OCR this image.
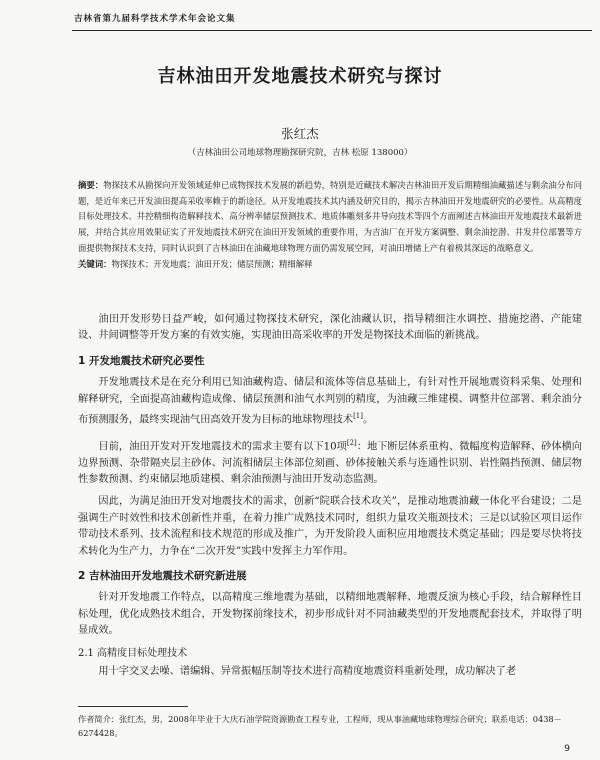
吉林省第九届科学技术学术年会论文集
吉林油田开发地震技术研究与探讨
张红杰
（吉林油田公司地球物理勘探研究院，吉林 松原 138000）
摘要：物探技术从勘探向开发领域延伸已成物探技术发展的新趋势，特别是近藏技术解决吉林油田开发后期精细油藏描述与剩余油分布问题，是近年来已开发油田提高采收率赖于的新途径。从开发地震技术其内涵及研究目的，揭示吉林油田开发地震研究的必要性。从高精度目标处理技术、井控精细构造解释技术、高分辨率储层预测技术、地质体雕刻多井导向技术等四个方面阐述吉林油田开发地震技术最新进展，并结合其应用效果证实了开发地震技术研究在油田开发领域的重要作用，为吉油厂在开发方案调整、剩余油挖潜、井发井位部署等方面提供物探技术支持，同时认识到了吉林油田在油藏地球物理方面仍需发展空间，对油田增储上产有着极其深远的战略意义。
关键词：物探技术；开发地震；油田开发；储层预测；精细解释

油田开发形势日益严峻，如何通过物探技术研究，深化油藏认识，指导精细注水调控、措施挖潜、产能建设、井间调整等开发方案的有效实施，实现油田高采收率的开发是物探技术面临的新挑战。

1 开发地震技术研究必要性

开发地震技术是在充分利用已知油藏构造、储层和流体等信息基础上，有针对性开展地震资料采集、处理和解释研究，全面提高油藏构造成像、储层预测和油气水判别的精度，为油藏三维建模、调整井位部署、剩余油分布预测服务，最终实现油气田高效开发为目标的地球物理技术[1]。

目前，油田开发对开发地震技术的需求主要有以下10项[2]：地下断层体系重构、微幅度构造解释、砂体横向边界预测、杂带隔夹层主砂体、河流相储层主体部位刻画、砂体接触关系与连通性识别、岩性隔挡预测、储层物性参数预测、约束储层地质建模、剩余油预测与油田开发动态监测。

因此，为满足油田开发对地震技术的需求，创新“院联合技术攻关”，是推动地震油藏一体化平台建设；二是强调生产时效性和技术创新性并重，在着力推广成熟技术同时，组织力量攻关瓶颈技术；三是以试验区项目运作带动技术系列、技术流程和技术规范的形成及推广，为开发阶段人面积应用地震技术奠定基础；四是要尽快将技术转化为生产力，力争在“二次开发”实践中发挥主力军作用。

2 吉林油田开发地震技术研究新进展

针对开发地震工作特点，以高精度三维地震为基础，以精细地震解释、地震反演为核心手段，结合解释性目标处理，优化成熟技术组合，开发物探前缘技术，初步形成针对不同油藏类型的开发地震配套技术，并取得了明显成效。

2.1 高精度目标处理技术

用十字交叉去噪、谱编辑、异常振幅压制等技术进行高精度地震资料重新处理，成功解决了老

作者简介：张红杰，男，2008年毕业于大庆石油学院资源勘查工程专业，工程师，现从事油藏地球物理综合研究；联系电话：0438－6274428。
9
